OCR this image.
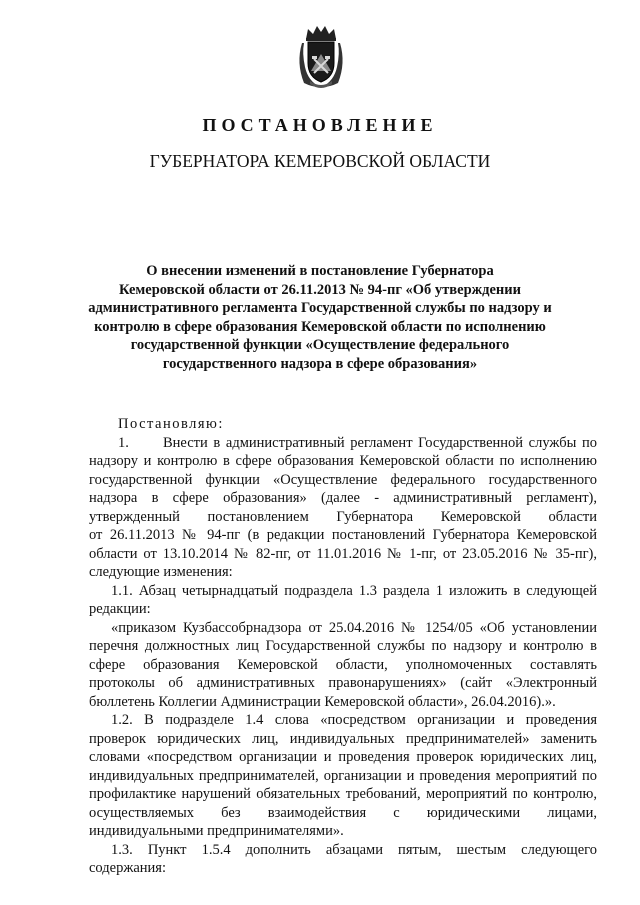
ПОСТАНОВЛЕНИЕ
ГУБЕРНАТОРА КЕМЕРОВСКОЙ ОБЛАСТИ
О внесении изменений в постановление Губернатора
Кемеровской области от 26.11.2013 № 94-пг «Об утверждении
административного регламента Государственной службы по надзору и
контролю в сфере образования Кемеровской области по исполнению
государственной функции «Осуществление федерального
государственного надзора в сфере образования»
Постановляю:
1. Внести в административный регламент Государственной службы по
надзору и контролю в сфере образования Кемеровской области по исполнению
государственной функции «Осуществление федерального государственного
надзора в сфере образования» (далее - административный регламент),
утвержденный постановлением Губернатора Кемеровской области
от 26.11.2013 № 94-пг (в редакции постановлений Губернатора Кемеровской
области от 13.10.2014 № 82-пг, от 11.01.2016 № 1-пг, от 23.05.2016 № 35-пг),
следующие изменения:
1.1. Абзац четырнадцатый подраздела 1.3 раздела 1 изложить в следующей
редакции:
«приказом Кузбассобрнадзора от 25.04.2016 № 1254/05 «Об установлении
перечня должностных лиц Государственной службы по надзору и контролю в
сфере образования Кемеровской области, уполномоченных составлять
протоколы об административных правонарушениях» (сайт «Электронный
бюллетень Коллегии Администрации Кемеровской области», 26.04.2016).».
1.2. В подразделе 1.4 слова «посредством организации и проведения
проверок юридических лиц, индивидуальных предпринимателей» заменить
словами «посредством организации и проведения проверок юридических лиц,
индивидуальных предпринимателей, организации и проведения мероприятий по
профилактике нарушений обязательных требований, мероприятий по контролю,
осуществляемых без взаимодействия с юридическими лицами,
индивидуальными предпринимателями».
1.3. Пункт 1.5.4 дополнить абзацами пятым, шестым следующего
содержания:
